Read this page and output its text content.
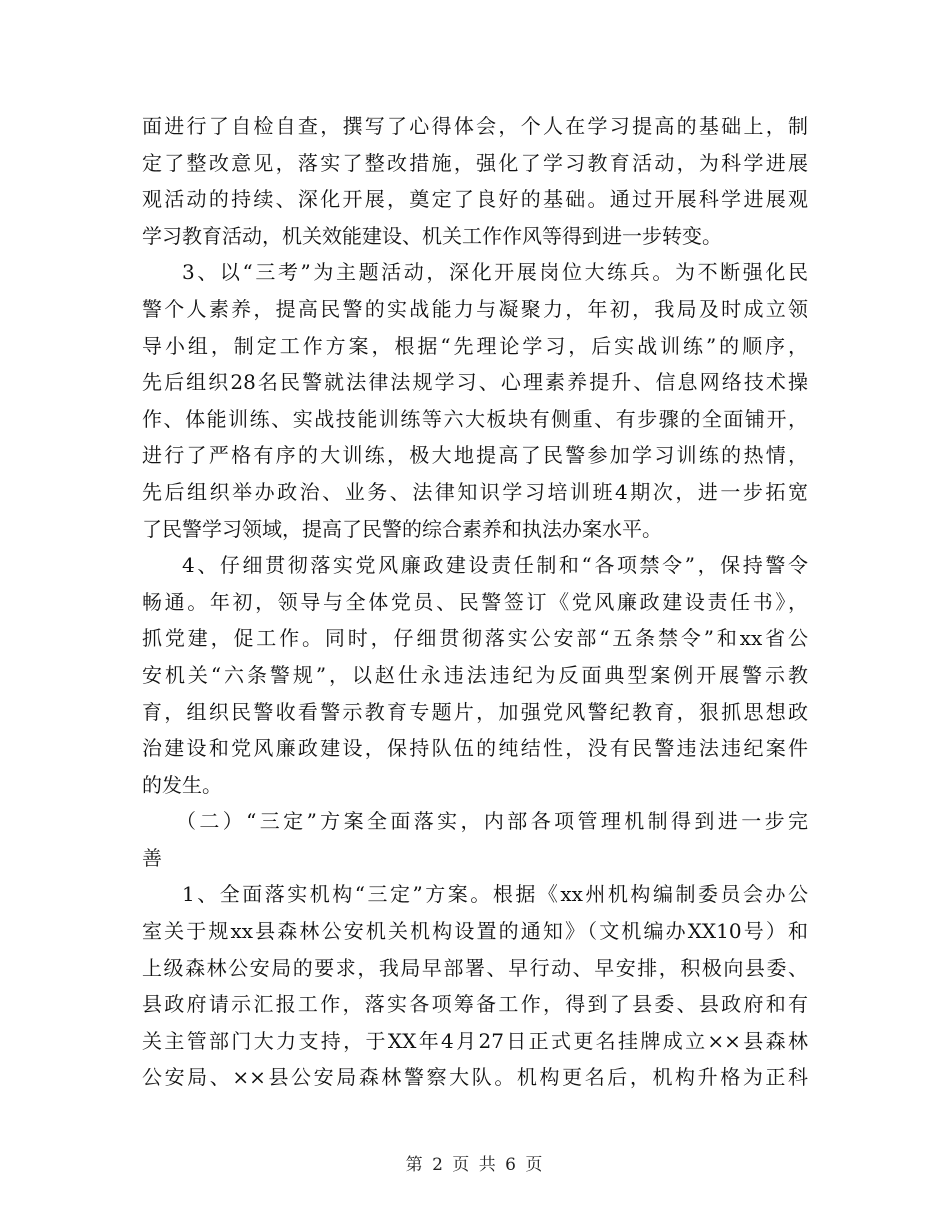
面进行了自检自查，撰写了心得体会，个人在学习提高的基础上，制
定了整改意见，落实了整改措施，强化了学习教育活动，为科学进展
观活动的持续、深化开展，奠定了良好的基础。通过开展科学进展观
学习教育活动，机关效能建设、机关工作作风等得到进一步转变。
3、以“三考”为主题活动，深化开展岗位大练兵。为不断强化民
警个人素养，提高民警的实战能力与凝聚力，年初，我局及时成立领
导小组，制定工作方案，根据“先理论学习，后实战训练”的顺序，
先后组织28名民警就法律法规学习、心理素养提升、信息网络技术操
作、体能训练、实战技能训练等六大板块有侧重、有步骤的全面铺开，
进行了严格有序的大训练，极大地提高了民警参加学习训练的热情，
先后组织举办政治、业务、法律知识学习培训班4期次，进一步拓宽
了民警学习领域，提高了民警的综合素养和执法办案水平。
4、仔细贯彻落实党风廉政建设责任制和“各项禁令”，保持警令
畅通。年初，领导与全体党员、民警签订《党风廉政建设责任书》，
抓党建，促工作。同时，仔细贯彻落实公安部“五条禁令”和xx省公
安机关“六条警规”，以赵仕永违法违纪为反面典型案例开展警示教
育，组织民警收看警示教育专题片，加强党风警纪教育，狠抓思想政
治建设和党风廉政建设，保持队伍的纯结性，没有民警违法违纪案件
的发生。
（二）“三定”方案全面落实，内部各项管理机制得到进一步完
善
1、全面落实机构“三定”方案。根据《xx州机构编制委员会办公
室关于规xx县森林公安机关机构设置的通知》（文机编办XX10号）和
上级森林公安局的要求，我局早部署、早行动、早安排，积极向县委、
县政府请示汇报工作，落实各项筹备工作，得到了县委、县政府和有
关主管部门大力支持，于XX年4月27日正式更名挂牌成立××县森林
公安局、××县公安局森林警察大队。机构更名后，机构升格为正科
第 2 页 共 6 页
